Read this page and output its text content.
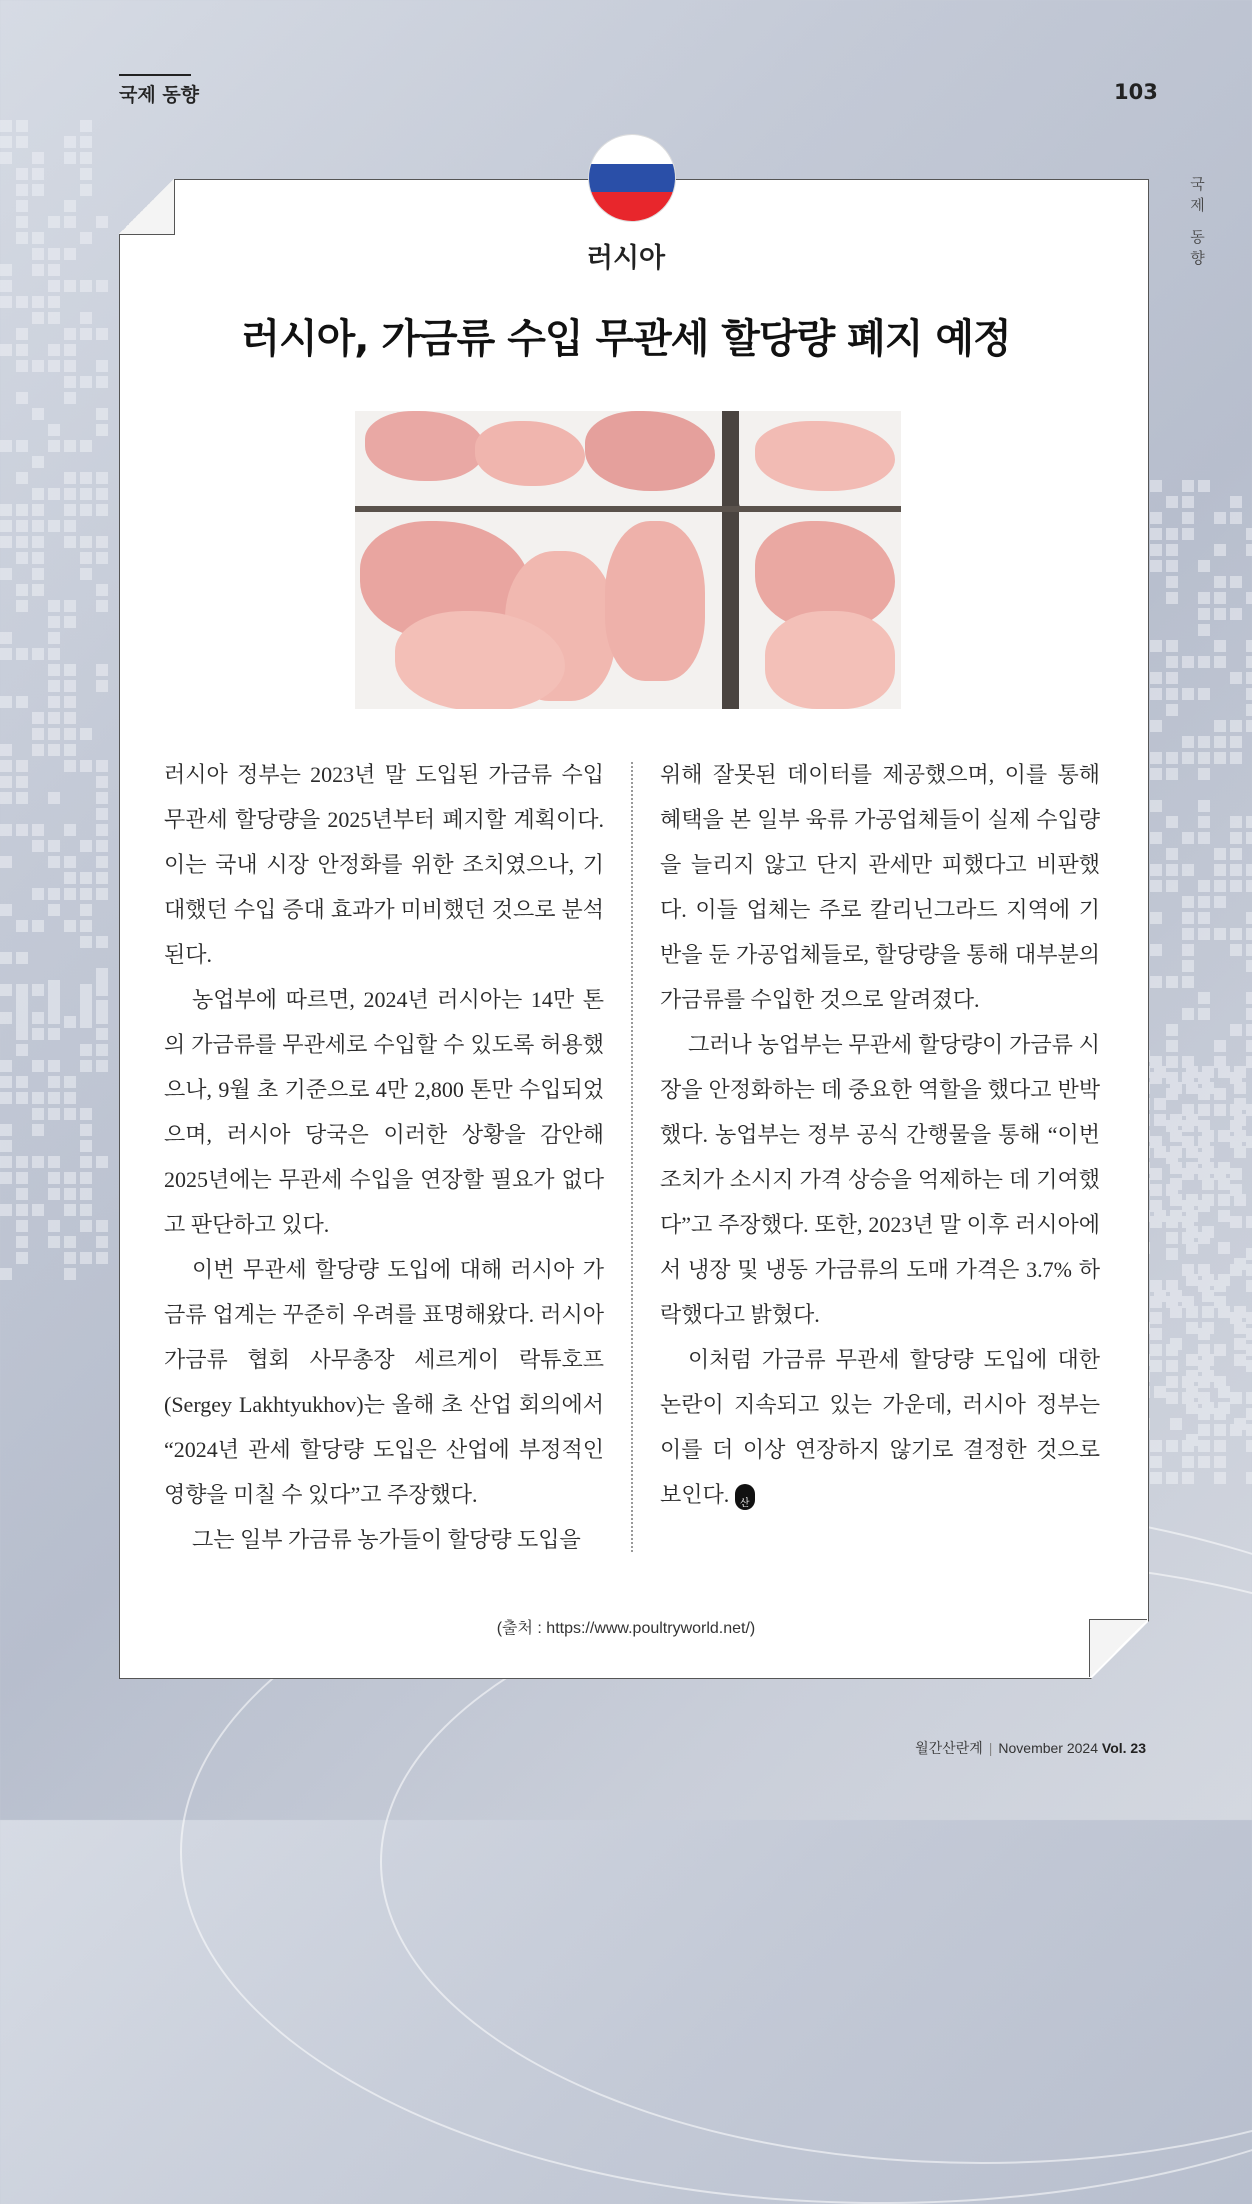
국제 동향	103
국제 동향
러시아
러시아, 가금류 수입 무관세 할당량 폐지 예정

러시아 정부는 2023년 말 도입된 가금류 수입 무관세 할당량을 2025년부터 폐지할 계획이다. 이는 국내 시장 안정화를 위한 조치였으나, 기대했던 수입 증대 효과가 미비했던 것으로 분석된다.

농업부에 따르면, 2024년 러시아는 14만 톤의 가금류를 무관세로 수입할 수 있도록 허용했으나, 9월 초 기준으로 4만 2,800 톤만 수입되었으며, 러시아 당국은 이러한 상황을 감안해 2025년에는 무관세 수입을 연장할 필요가 없다고 판단하고 있다.

이번 무관세 할당량 도입에 대해 러시아 가금류 업계는 꾸준히 우려를 표명해왔다. 러시아 가금류 협회 사무총장 세르게이 락튜호프(Sergey Lakhtyukhov)는 올해 초 산업 회의에서 “2024년 관세 할당량 도입은 산업에 부정적인 영향을 미칠 수 있다”고 주장했다.

그는 일부 가금류 농가들이 할당량 도입을

위해 잘못된 데이터를 제공했으며, 이를 통해 혜택을 본 일부 육류 가공업체들이 실제 수입량을 늘리지 않고 단지 관세만 피했다고 비판했다. 이들 업체는 주로 칼리닌그라드 지역에 기반을 둔 가공업체들로, 할당량을 통해 대부분의 가금류를 수입한 것으로 알려졌다.

그러나 농업부는 무관세 할당량이 가금류 시장을 안정화하는 데 중요한 역할을 했다고 반박했다. 농업부는 정부 공식 간행물을 통해 “이번 조치가 소시지 가격 상승을 억제하는 데 기여했다”고 주장했다. 또한, 2023년 말 이후 러시아에서 냉장 및 냉동 가금류의 도매 가격은 3.7% 하락했다고 밝혔다.

이처럼 가금류 무관세 할당량 도입에 대한 논란이 지속되고 있는 가운데, 러시아 정부는 이를 더 이상 연장하지 않기로 결정한 것으로 보인다.	축산

(출처 : https://www.poultryworld.net/)
월간산란계 | November 2024 Vol. 23
